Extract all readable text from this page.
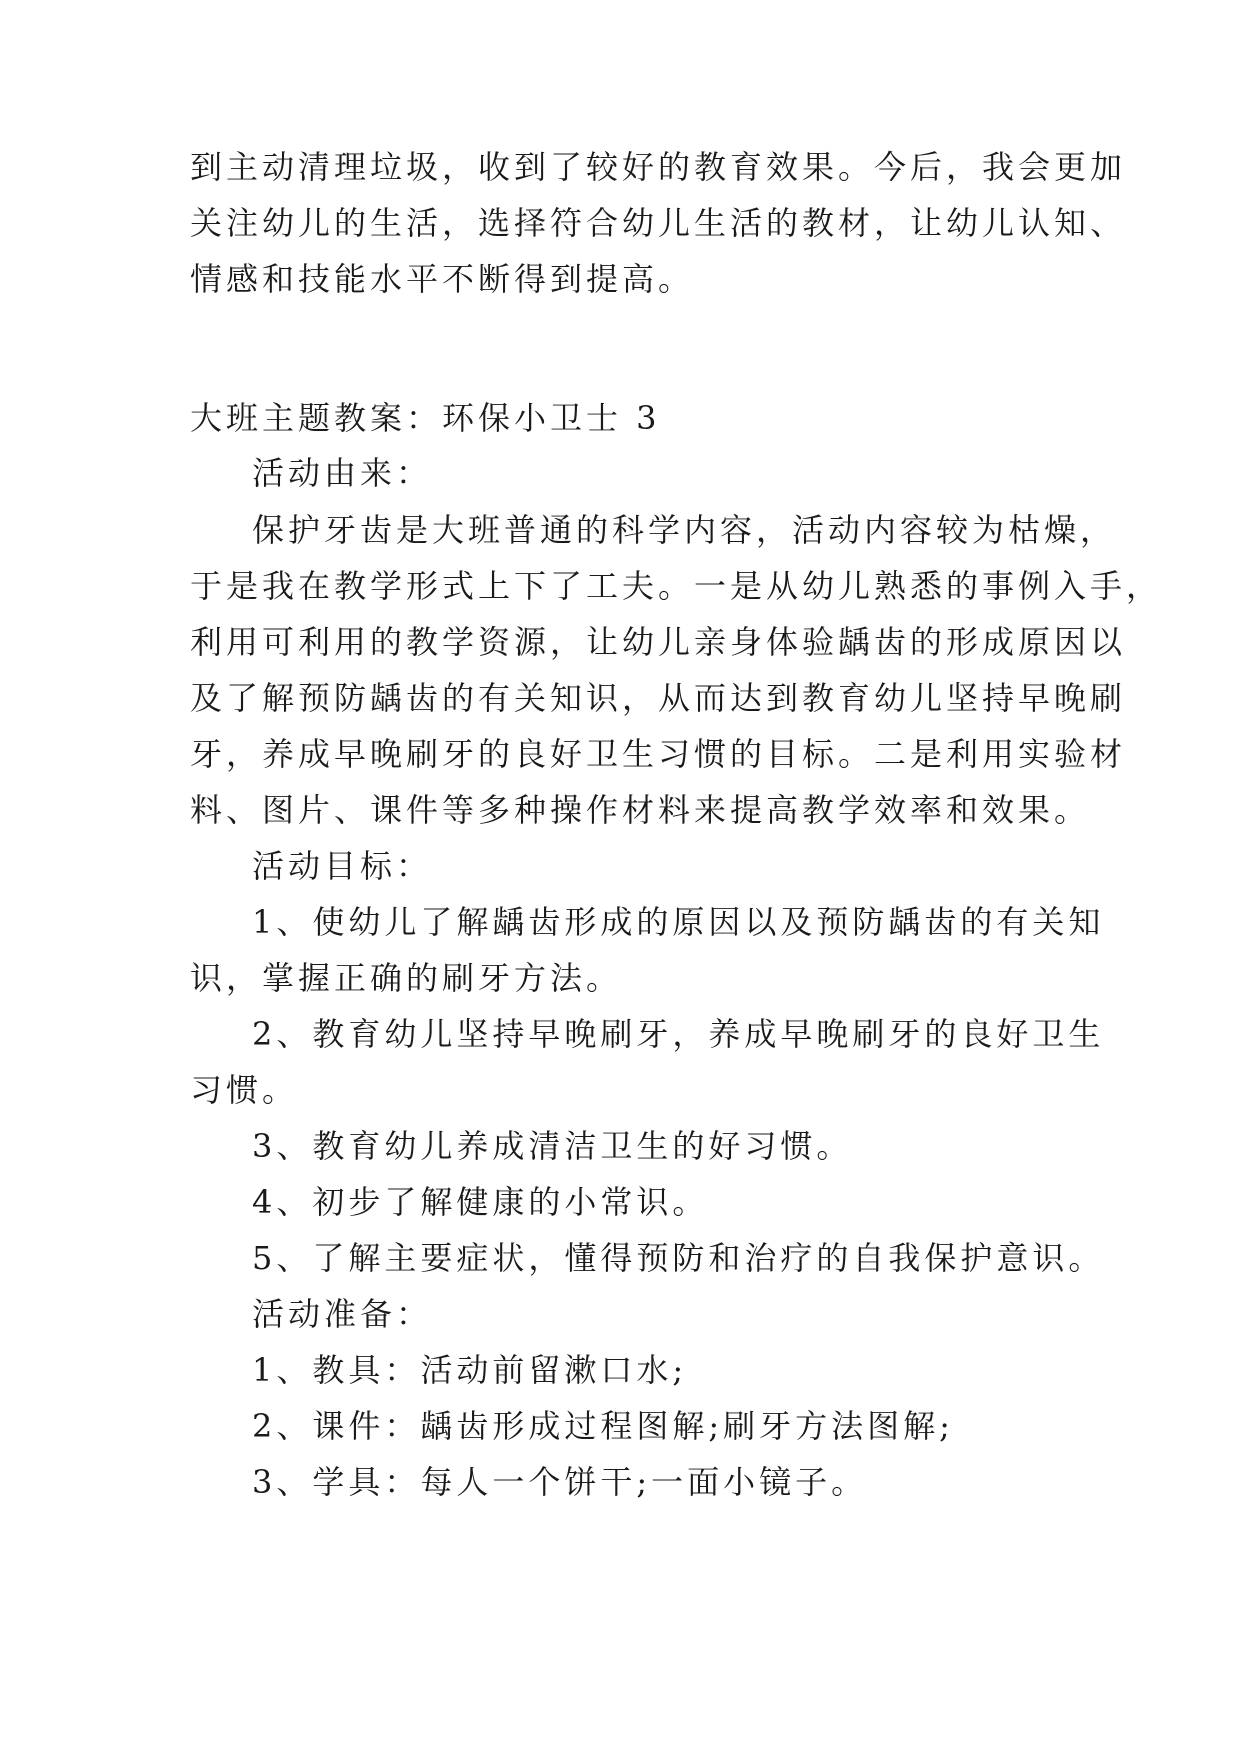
到主动清理垃圾，收到了较好的教育效果。今后，我会更加

关注幼儿的生活，选择符合幼儿生活的教材，让幼儿认知、

情感和技能水平不断得到提高。

大班主题教案：环保小卫士 3

活动由来：

保护牙齿是大班普通的科学内容，活动内容较为枯燥，

于是我在教学形式上下了工夫。一是从幼儿熟悉的事例入手，

利用可利用的教学资源，让幼儿亲身体验龋齿的形成原因以

及了解预防龋齿的有关知识，从而达到教育幼儿坚持早晚刷

牙，养成早晚刷牙的良好卫生习惯的目标。二是利用实验材

料、图片、课件等多种操作材料来提高教学效率和效果。

活动目标：

1、使幼儿了解龋齿形成的原因以及预防龋齿的有关知

识，掌握正确的刷牙方法。

2、教育幼儿坚持早晚刷牙，养成早晚刷牙的良好卫生

习惯。

3、教育幼儿养成清洁卫生的好习惯。

4、初步了解健康的小常识。

5、了解主要症状，懂得预防和治疗的自我保护意识。

活动准备：

1、教具：活动前留漱口水;

2、课件：龋齿形成过程图解;刷牙方法图解;

3、学具：每人一个饼干;一面小镜子。
